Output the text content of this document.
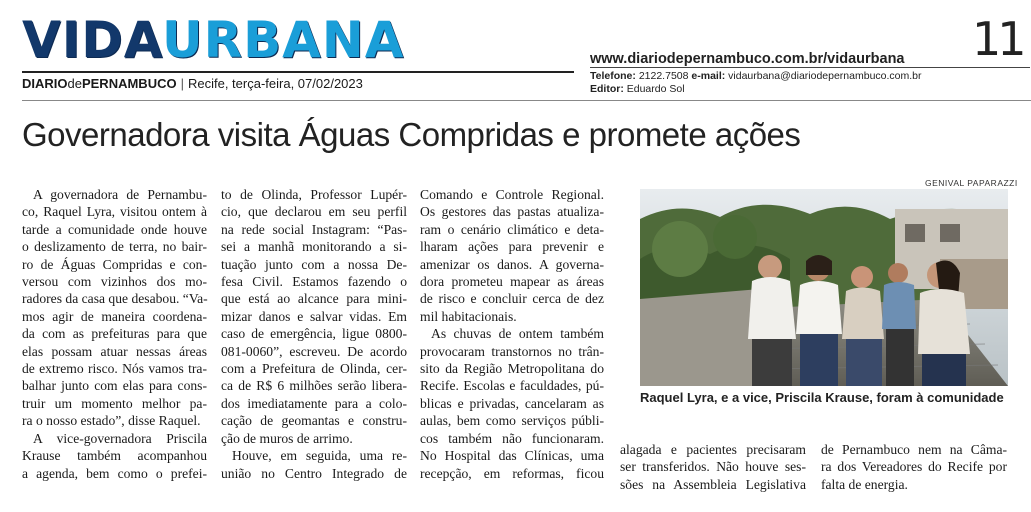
VIDAURBANA
DIARIOdePERNAMBUCO | Recife, terça-feira, 07/02/2023
11
www.diariodepernambuco.com.br/vidaurbana
Telefone: 2122.7508 e-mail: vidaurbana@diariodepernambuco.com.br
Editor: Eduardo Sol
Governadora visita Águas Compridas e promete ações
A governadora de Pernambu-
co, Raquel Lyra, visitou ontem à
tarde a comunidade onde houve
o deslizamento de terra, no bair-
ro de Águas Compridas e con-
versou com vizinhos dos mo-
radores da casa que desabou. “Va-
mos agir de maneira coordena-
da com as prefeituras para que
elas possam atuar nessas áreas
de extremo risco. Nós vamos tra-
balhar junto com elas para cons-
truir um momento melhor pa-
ra o nosso estado”, disse Raquel.
A vice-governadora Priscila
Krause também acompanhou
a agenda, bem como o prefei-
to de Olinda, Professor Lupér-
cio, que declarou em seu perfil
na rede social Instagram: “Pas-
sei a manhã monitorando a si-
tuação junto com a nossa De-
fesa Civil. Estamos fazendo o
que está ao alcance para mini-
mizar danos e salvar vidas. Em
caso de emergência, ligue 0800-
081-0060”, escreveu. De acordo
com a Prefeitura de Olinda, cer-
ca de R$ 6 milhões serão libera-
dos imediatamente para a colo-
cação de geomantas e constru-
ção de muros de arrimo.
Houve, em seguida, uma re-
união no Centro Integrado de
Comando e Controle Regional.
Os gestores das pastas atualiza-
ram o cenário climático e deta-
lharam ações para prevenir e
amenizar os danos. A governa-
dora prometeu mapear as áreas
de risco e concluir cerca de dez
mil habitacionais.
As chuvas de ontem também
provocaram transtornos no trân-
sito da Região Metropolitana do
Recife. Escolas e faculdades, pú-
blicas e privadas, cancelaram as
aulas, bem como serviços públi-
cos também não funcionaram.
No Hospital das Clínicas, uma
recepção, em reformas, ficou
alagada e pacientes precisaram
ser transferidos. Não houve ses-
sões na Assembleia Legislativa
de Pernambuco nem na Câma-
ra dos Vereadores do Recife por
falta de energia.
GENIVAL PAPARAZZI
Raquel Lyra, e a vice, Priscila Krause, foram à comunidade
